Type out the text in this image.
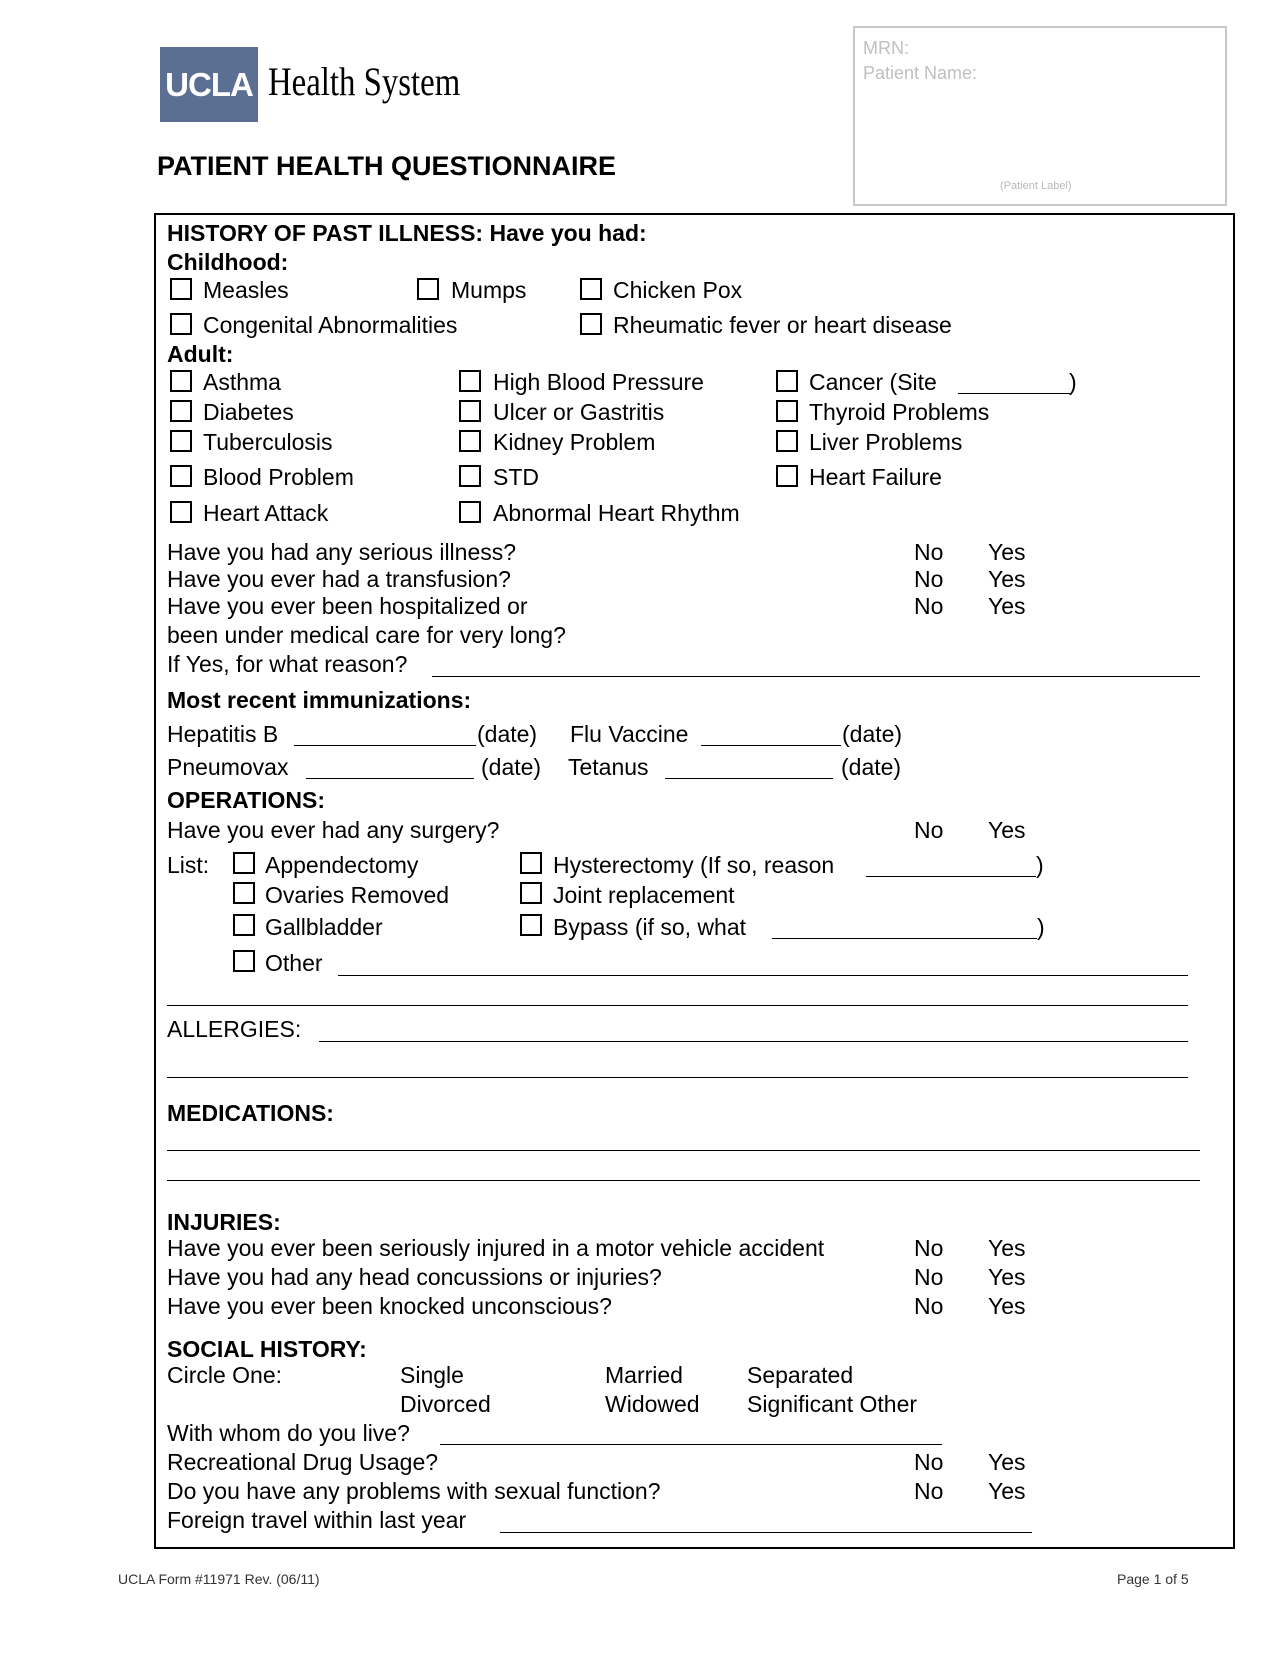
UCLA Health System
PATIENT HEALTH QUESTIONNAIRE
MRN:
Patient Name:
(Patient Label)
HISTORY OF PAST ILLNESS: Have you had:
Childhood:
Measles	Mumps	Chicken Pox
Congenital Abnormalities	Rheumatic fever or heart disease
Adult:
Asthma	High Blood Pressure	Cancer (Site	)
Diabetes	Ulcer or Gastritis	Thyroid Problems
Tuberculosis	Kidney Problem	Liver Problems
Blood Problem	STD	Heart Failure
Heart Attack	Abnormal Heart Rhythm
Have you had any serious illness?	No Yes
Have you ever had a transfusion?	No Yes
Have you ever been hospitalized or	No Yes
been under medical care for very long?
If Yes, for what reason?
Most recent immunizations:
Hepatitis B	(date) Flu Vaccine	(date)
Pneumovax	(date) Tetanus	(date)
OPERATIONS:
Have you ever had any surgery?	No Yes
List: Appendectomy	Hysterectomy (If so, reason	)
Ovaries Removed	Joint replacement
Gallbladder	Bypass (if so, what	)
Other
ALLERGIES:
MEDICATIONS:
INJURIES:
Have you ever been seriously injured in a motor vehicle accident	No Yes
Have you had any head concussions or injuries?	No Yes
Have you ever been knocked unconscious?	No Yes
SOCIAL HISTORY:
Circle One:	Single	Married	Separated
Divorced	Widowed Significant Other
With whom do you live?
Recreational Drug Usage?	No Yes
Do you have any problems with sexual function?	No Yes
Foreign travel within last year
UCLA Form #11971 Rev. (06/11)	Page 1 of 5
